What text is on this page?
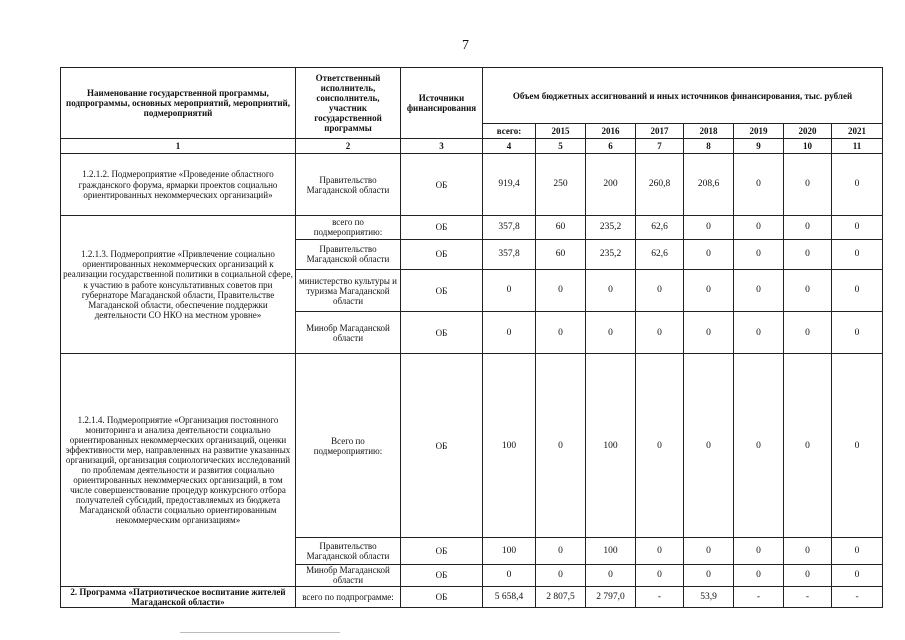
7
Наименование государственной программы, подпрограммы, основных мероприятий, мероприятий, подмероприятий	Ответственный исполнитель, соисполнитель, участник государственной программы	Источники финансирования	Объем бюджетных ассигнований и иных источников финансирования, тыс. рублей							
			всего:	2015	2016	2017	2018	2019	2020	2021
1	2	3	4	5	6	7	8	9	10	11
1.2.1.2. Подмероприятие «Проведение областного гражданского форума, ярмарки проектов социально ориентированных некоммерческих организаций»	Правительство Магаданской области	ОБ	919,4	250	200	260,8	208,6	0	0	0
1.2.1.3. Подмероприятие «Привлечение социально ориентированных некоммерческих организаций к реализации государственной политики в социальной сфере, к участию в работе консультативных советов при губернаторе Магаданской области, Правительстве Магаданской области, обеспечение поддержки деятельности СО НКО на местном уровне»	всего по подмероприятию:	ОБ	357,8	60	235,2	62,6	0	0	0	0
	Правительство Магаданской области	ОБ	357,8	60	235,2	62,6	0	0	0	0
	министерство культуры и туризма Магаданской области	ОБ	0	0	0	0	0	0	0	0
	Минобр Магаданской области	ОБ	0	0	0	0	0	0	0	0
1.2.1.4. Подмероприятие «Организация постоянного мониторинга и анализа деятельности социально ориентированных некоммерческих организаций, оценки эффективности мер, направленных на развитие указанных организаций, организация социологических исследований по проблемам деятельности и развития социально ориентированных некоммерческих организаций, в том числе совершенствование процедур конкурсного отбора получателей субсидий, предоставляемых из бюджета Магаданской области социально ориентированным некоммерческим организациям»	Всего по подмероприятию:	ОБ	100	0	100	0	0	0	0	0
	Правительство Магаданской области	ОБ	100	0	100	0	0	0	0	0
	Минобр Магаданской области	ОБ	0	0	0	0	0	0	0	0
2. Программа «Патриотическое воспитание жителей Магаданской области»	всего по подпрограмме:	ОБ	5 658,4	2 807,5	2 797,0	-	53,9	-	-	-
